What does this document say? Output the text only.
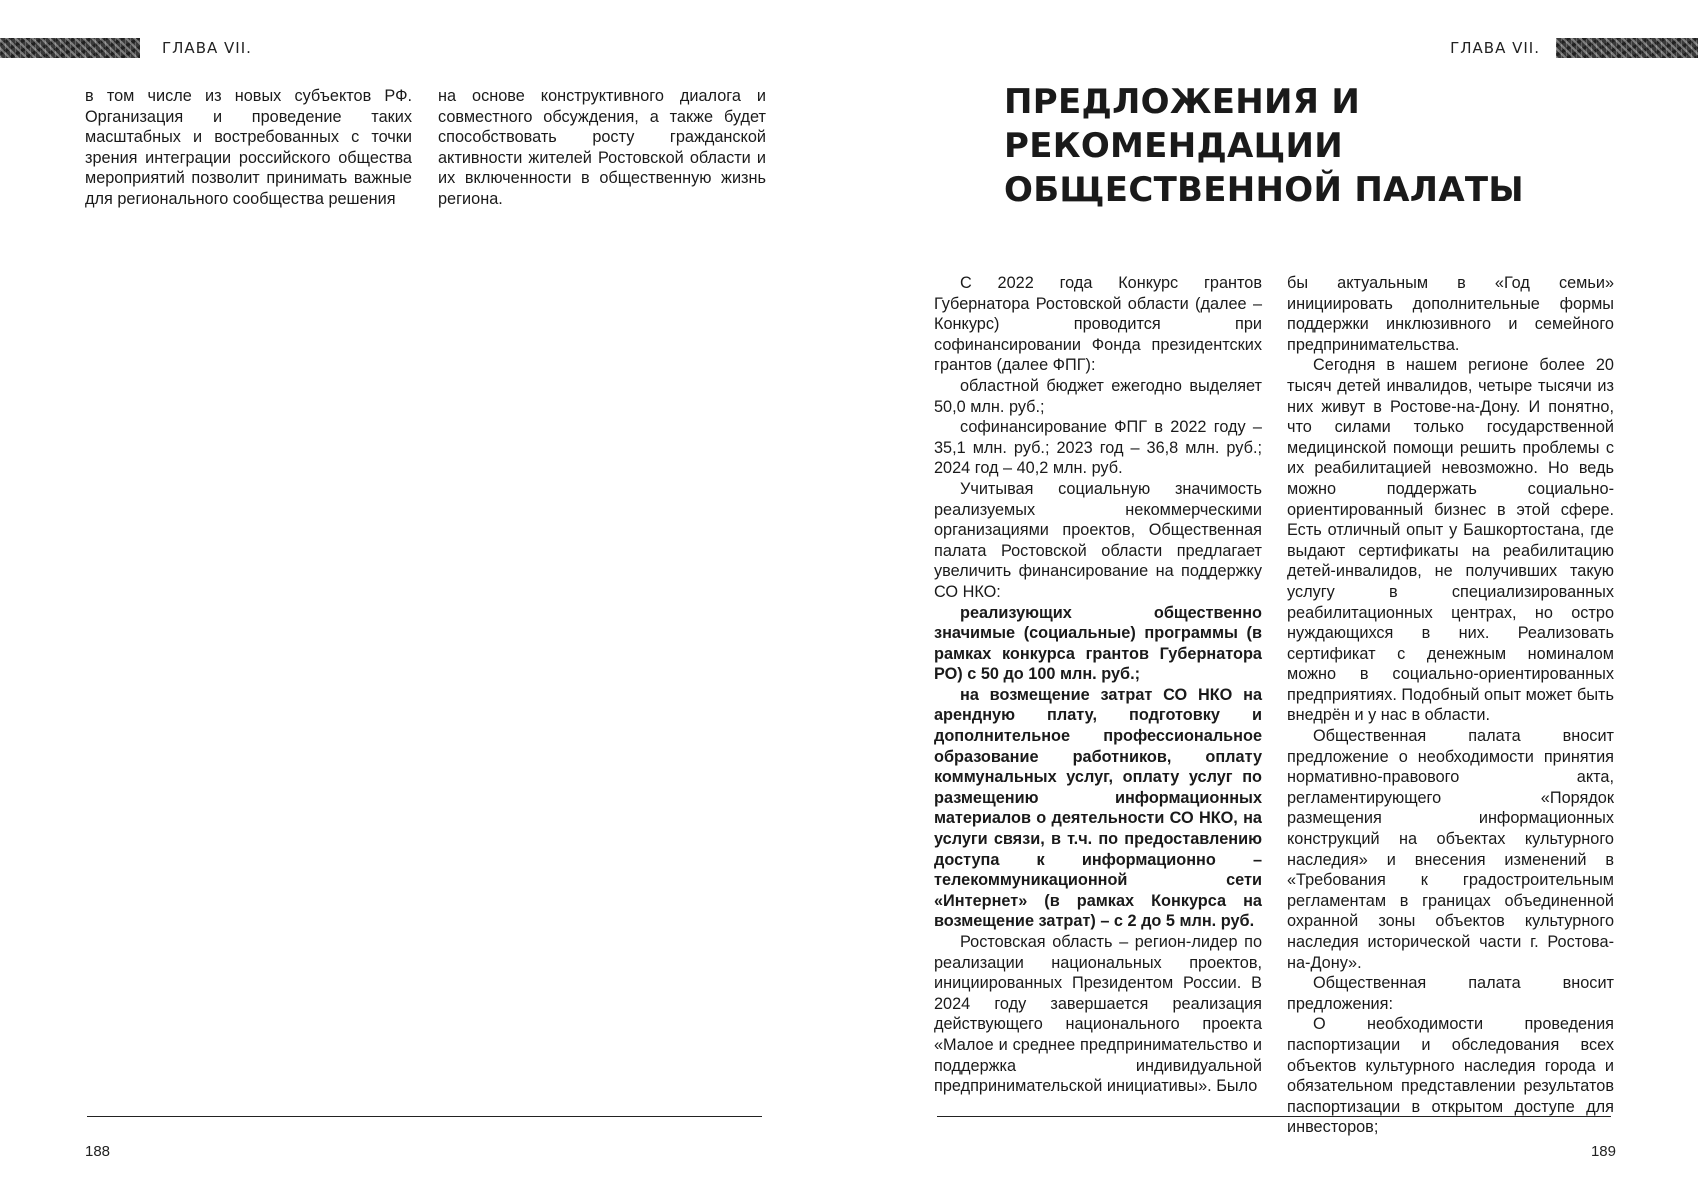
ГЛАВА VII.

в том числе из новых субъектов РФ. Организация и проведение таких масштабных и востребованных с точки зрения интеграции российского общества мероприятий позволит принимать важные для регионального сообщества решения

на основе конструктивного диалога и совместного обсуждения, а также будет способствовать росту гражданской активности жителей Ростовской области и их включенности в общественную жизнь региона.

188
ГЛАВА VII.
189
ПРЕДЛОЖЕНИЯ И РЕКОМЕНДАЦИИ ОБЩЕСТВЕННОЙ ПАЛАТЫ

С 2022 года Конкурс грантов Губернатора Ростовской области (далее – Конкурс) проводится при софинансировании Фонда президентских грантов (далее ФПГ):

областной бюджет ежегодно выделяет 50,0 млн. руб.;

софинансирование ФПГ в 2022 году – 35,1 млн. руб.; 2023 год – 36,8 млн. руб.; 2024 год – 40,2 млн. руб.

Учитывая социальную значимость реализуемых некоммерческими организациями проектов, Общественная палата Ростовской области предлагает увеличить финансирование на поддержку СО НКО:

реализующих общественно значимые (социальные) программы (в рамках конкурса грантов Губернатора РО) с 50 до 100 млн. руб.;

на возмещение затрат СО НКО на арендную плату, подготовку и дополнительное профессиональное образование работников, оплату коммунальных услуг, оплату услуг по размещению информационных материалов о деятельности СО НКО, на услуги связи, в т.ч. по предоставлению доступа к информационно – телекоммуникационной сети «Интернет» (в рамках Конкурса на возмещение затрат) – с 2 до 5 млн. руб.

Ростовская область – регион-лидер по реализации национальных проектов, инициированных Президентом России. В 2024 году завершается реализация действующего национального проекта «Малое и среднее предпринимательство и поддержка индивидуальной предпринимательской инициативы». Было

бы актуальным в «Год семьи» инициировать дополнительные формы поддержки инклюзивного и семейного предпринимательства.

Сегодня в нашем регионе более 20 тысяч детей инвалидов, четыре тысячи из них живут в Ростове-на-Дону. И понятно, что силами только государственной медицинской помощи решить проблемы с их реабилитацией невозможно. Но ведь можно поддержать социально-ориентированный бизнес в этой сфере. Есть отличный опыт у Башкортостана, где выдают сертификаты на реабилитацию детей-инвалидов, не получивших такую услугу в специализированных реабилитационных центрах, но остро нуждающихся в них. Реализовать сертификат с денежным номиналом можно в социально-ориентированных предприятиях. Подобный опыт может быть внедрён и у нас в области.

Общественная палата вносит предложение о необходимости принятия нормативно-правового акта, регламентирующего «Порядок размещения информационных конструкций на объектах культурного наследия» и внесения изменений в «Требования к градостроительным регламентам в границах объединенной охранной зоны объектов культурного наследия исторической части г. Ростова-на-Дону».

Общественная палата вносит предложения:

О необходимости проведения паспортизации и обследования всех объектов культурного наследия города и обязательном представлении результатов паспортизации в открытом доступе для инвесторов;
